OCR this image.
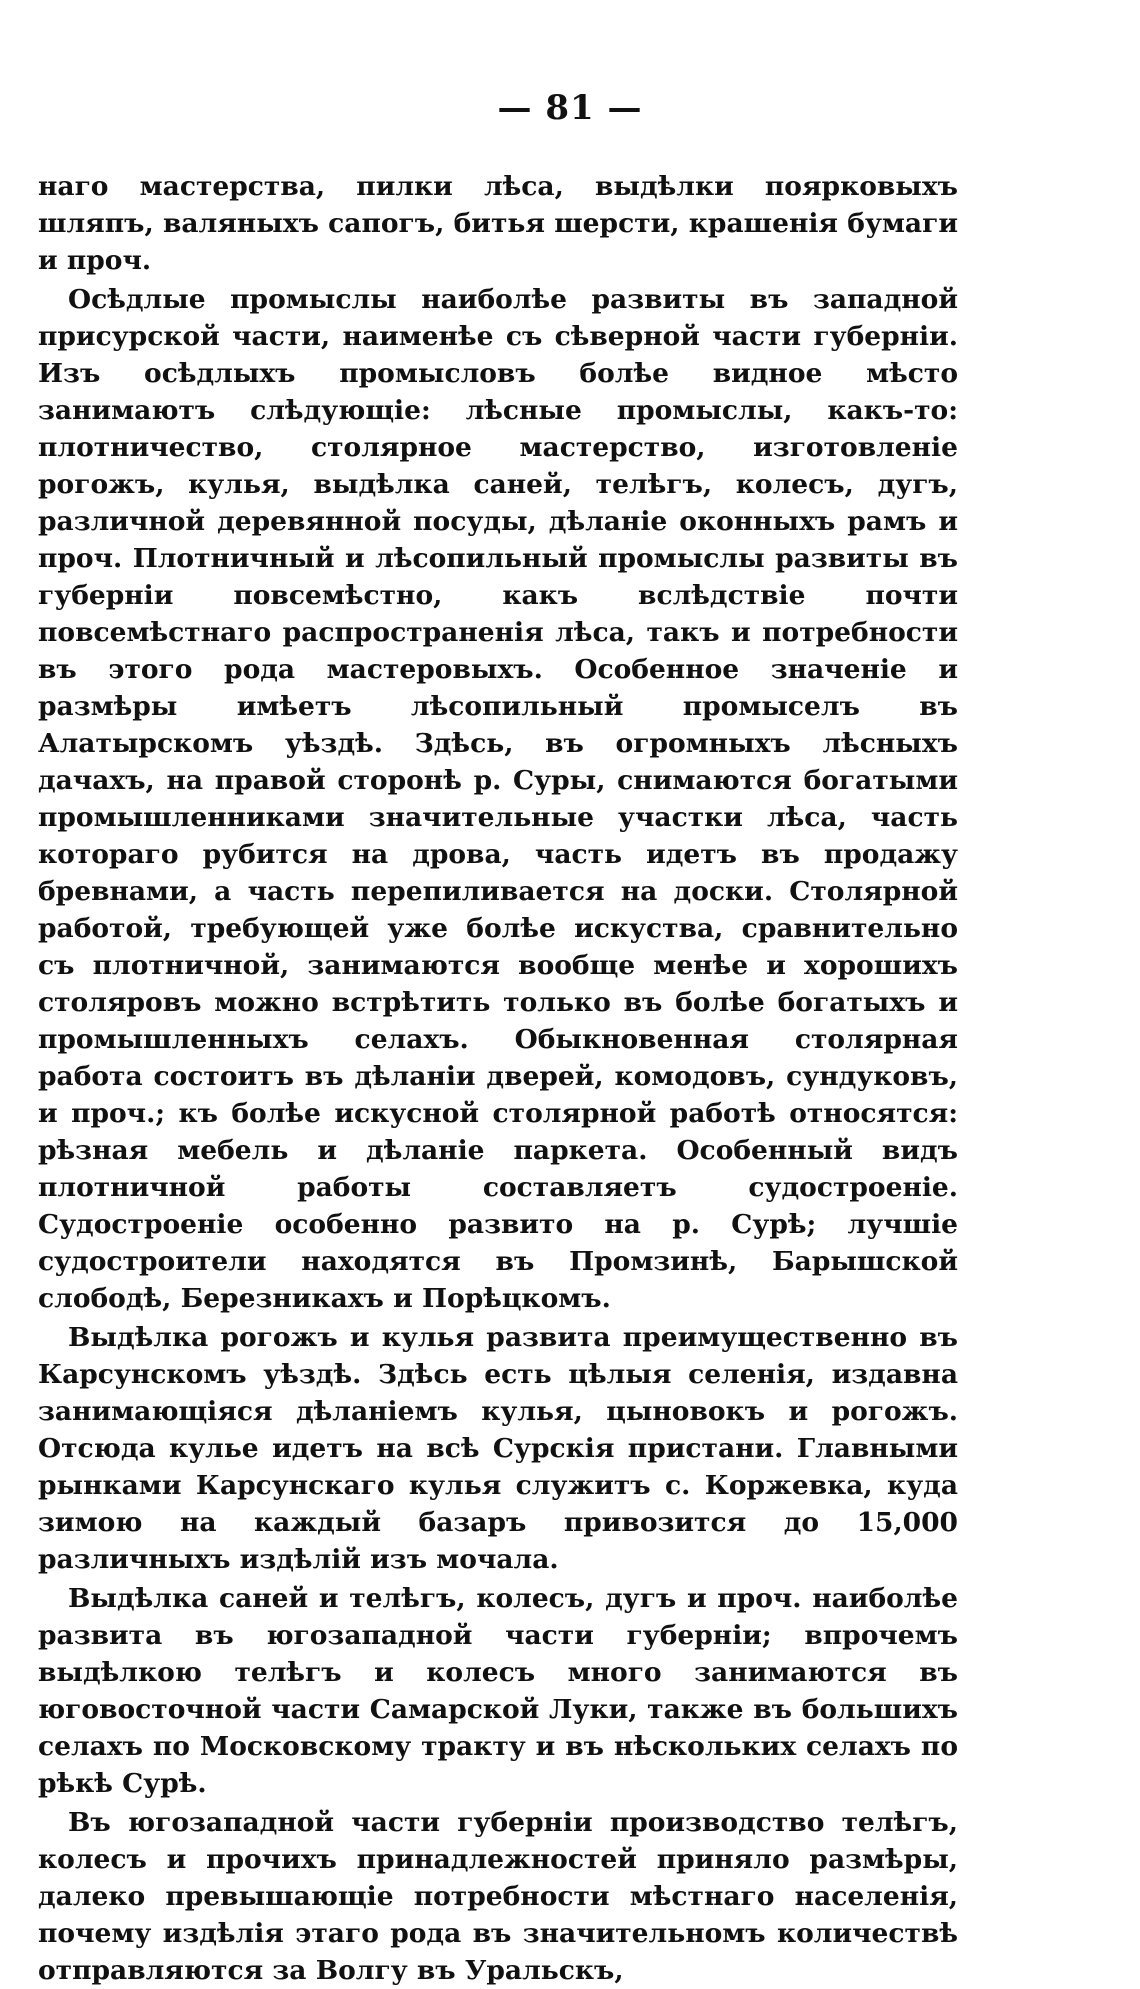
— 81 —

наго мастерства, пилки лѣса, выдѣлки поярковыхъ шляпъ, валяныхъ сапогъ, битья шерсти, крашенія бумаги и проч.

Осѣдлые промыслы наиболѣе развиты въ западной присурской части, наименѣе съ сѣверной части губерніи. Изъ осѣдлыхъ промысловъ болѣе видное мѣсто занимаютъ слѣдующіе: лѣсные промыслы, какъ-то: плотничество, столярное мастерство, изготовленіе рогожъ, кулья, выдѣлка саней, телѣгъ, колесъ, дугъ, различной деревянной посуды, дѣланіе оконныхъ рамъ и проч. Плотничный и лѣсопильный промыслы развиты въ губерніи повсемѣстно, какъ вслѣдствіе почти повсемѣстнаго распространенія лѣса, такъ и потребности въ этого рода мастеровыхъ. Особенное значеніе и размѣры имѣетъ лѣсопильный промыселъ въ Алатырскомъ уѣздѣ. Здѣсь, въ огромныхъ лѣсныхъ дачахъ, на правой сторонѣ р. Суры, снимаются богатыми промышленниками значительные участки лѣса, часть котораго рубится на дрова, часть идетъ въ продажу бревнами, а часть перепиливается на доски. Столярной работой, требующей уже болѣе искуства, сравнительно съ плотничной, занимаются вообще менѣе и хорошихъ столяровъ можно встрѣтить только въ болѣе богатыхъ и промышленныхъ селахъ. Обыкновенная столярная работа состоитъ въ дѣланіи дверей, комодовъ, сундуковъ, и проч.; къ болѣе искусной столярной работѣ относятся: рѣзная мебель и дѣланіе паркета. Особенный видъ плотничной работы составляетъ судостроеніе. Судостроеніе особенно развито на р. Сурѣ; лучшіе судостроители находятся въ Промзинѣ, Барышской слободѣ, Березникахъ и Порѣцкомъ.

Выдѣлка рогожъ и кулья развита преимущественно въ Карсунскомъ уѣздѣ. Здѣсь есть цѣлыя селенія, издавна занимающіяся дѣланіемъ кулья, цыновокъ и рогожъ. Отсюда кулье идетъ на всѣ Сурскія пристани. Главными рынками Карсунскаго кулья служитъ с. Коржевка, куда зимою на каждый базаръ привозится до 15,000 различныхъ издѣлій изъ мочала.

Выдѣлка саней и телѣгъ, колесъ, дугъ и проч. наиболѣе развита въ югозападной части губерніи; впрочемъ выдѣлкою телѣгъ и колесъ много занимаются въ юговосточной части Самарской Луки, также въ большихъ селахъ по Московскому тракту и въ нѣскольких селахъ по рѣкѣ Сурѣ.

Въ югозападной части губерніи производство телѣгъ, колесъ и прочихъ принадлежностей приняло размѣры, далеко превышающіе потребности мѣстнаго населенія, почему издѣлія этаго рода въ значительномъ количествѣ отправляются за Волгу въ Уральскъ,
